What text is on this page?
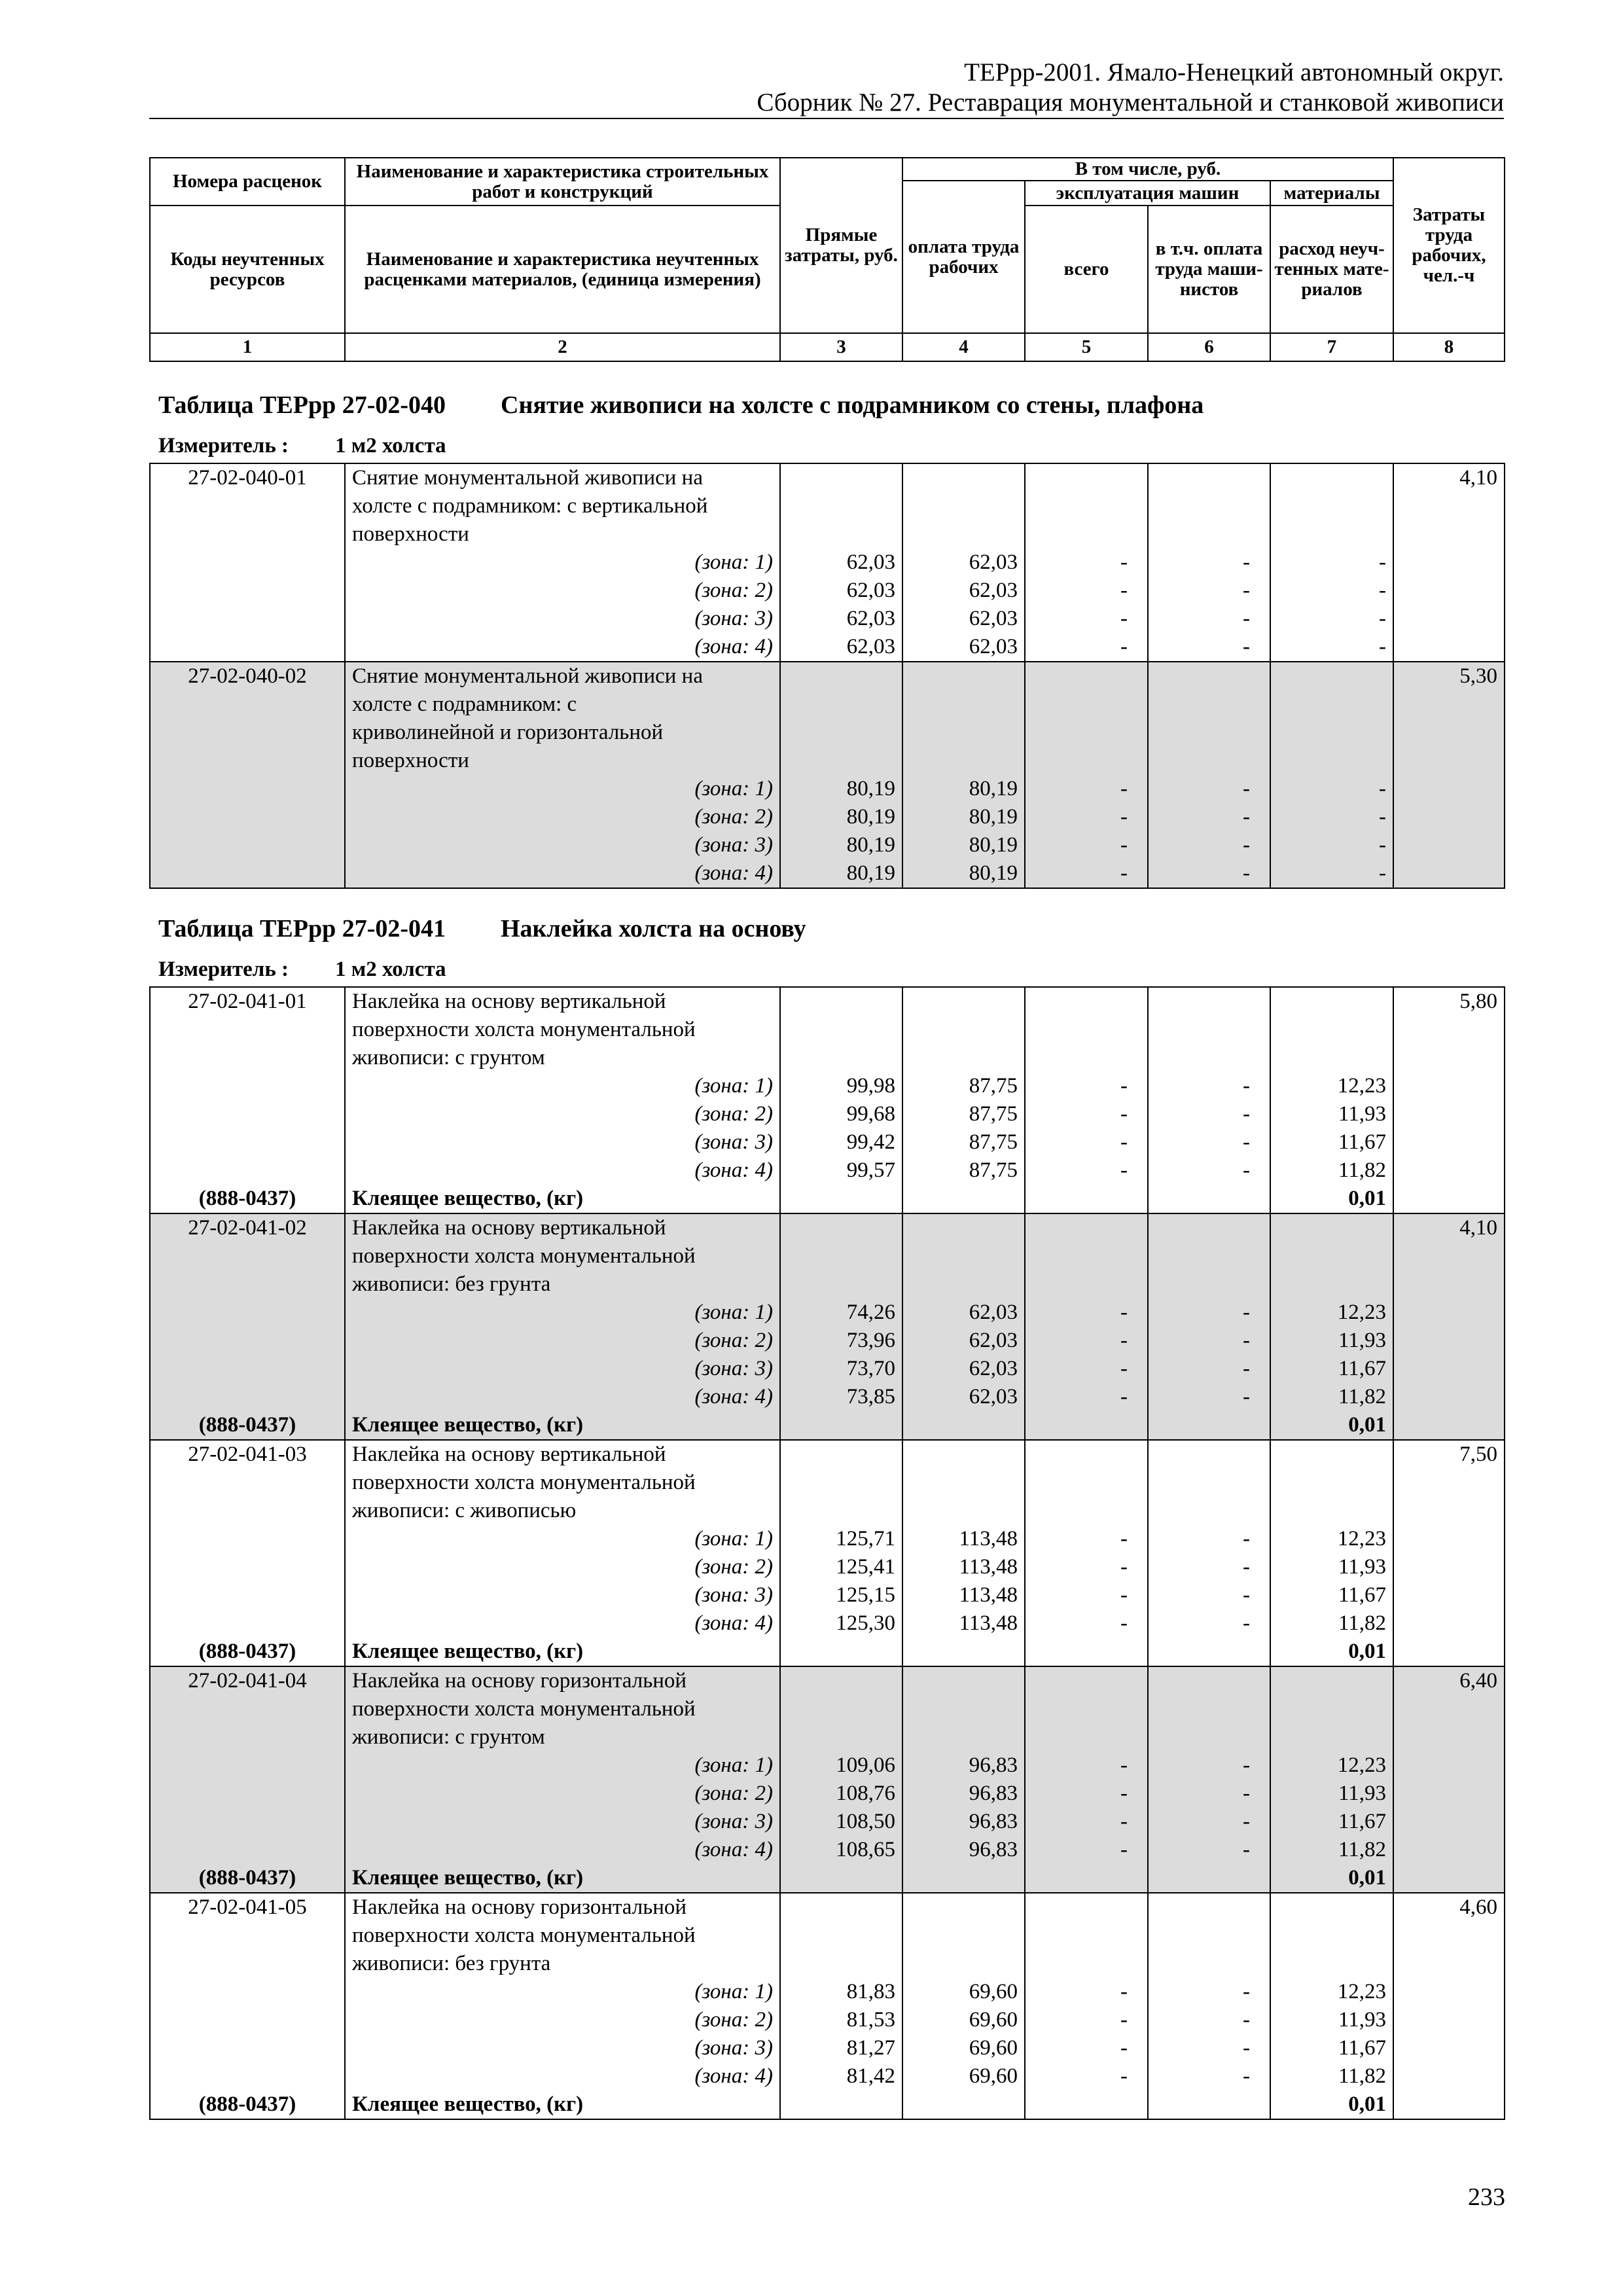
ТЕРрр-2001. Ямало-Ненецкий автономный округ.
Сборник № 27. Реставрация монументальной и станковой живописи
Номера расценок	Наименование и характеристика строительных работ и конструкций	Прямые затраты, руб.	В том числе, руб.				Затраты труда рабочих, чел.-ч
			оплата труда рабочих	эксплуатация машин		материалы	
Коды неучтенных ресурсов	Наименование и характеристика неучтенных расценками материалов, (единица измерения)			всего	в т.ч. оплата труда маши-нистов	расход неуч-тенных мате-риалов	
1	2	3	4	5	6	7	8
Таблица ТЕРрр 27-02-040 Снятие живописи на холсте с подрамником со стены, плафона
Измеритель : 1 м2 холста
27-02-040-01	Снятие монументальной живописи на						4,10
	холсте с подрамником: с вертикальной						
	поверхности						
	(зона: 1)	62,03	62,03	-	-	-	
	(зона: 2)	62,03	62,03	-	-	-	
	(зона: 3)	62,03	62,03	-	-	-	
	(зона: 4)	62,03	62,03	-	-	-	
27-02-040-02	Снятие монументальной живописи на						5,30
	холсте с подрамником: с						
	криволинейной и горизонтальной						
	поверхности						
	(зона: 1)	80,19	80,19	-	-	-	
	(зона: 2)	80,19	80,19	-	-	-	
	(зона: 3)	80,19	80,19	-	-	-	
	(зона: 4)	80,19	80,19	-	-	-	
Таблица ТЕРрр 27-02-041 Наклейка холста на основу
Измеритель : 1 м2 холста
27-02-041-01	Наклейка на основу вертикальной						5,80
	поверхности холста монументальной						
	живописи: с грунтом						
	(зона: 1)	99,98	87,75	-	-	12,23	
	(зона: 2)	99,68	87,75	-	-	11,93	
	(зона: 3)	99,42	87,75	-	-	11,67	
	(зона: 4)	99,57	87,75	-	-	11,82	
(888-0437)	Клеящее вещество, (кг)					0,01	
27-02-041-02	Наклейка на основу вертикальной						4,10
	поверхности холста монументальной						
	живописи: без грунта						
	(зона: 1)	74,26	62,03	-	-	12,23	
	(зона: 2)	73,96	62,03	-	-	11,93	
	(зона: 3)	73,70	62,03	-	-	11,67	
	(зона: 4)	73,85	62,03	-	-	11,82	
(888-0437)	Клеящее вещество, (кг)					0,01	
27-02-041-03	Наклейка на основу вертикальной						7,50
	поверхности холста монументальной						
	живописи: с живописью						
	(зона: 1)	125,71	113,48	-	-	12,23	
	(зона: 2)	125,41	113,48	-	-	11,93	
	(зона: 3)	125,15	113,48	-	-	11,67	
	(зона: 4)	125,30	113,48	-	-	11,82	
(888-0437)	Клеящее вещество, (кг)					0,01	
27-02-041-04	Наклейка на основу горизонтальной						6,40
	поверхности холста монументальной						
	живописи: с грунтом						
	(зона: 1)	109,06	96,83	-	-	12,23	
	(зона: 2)	108,76	96,83	-	-	11,93	
	(зона: 3)	108,50	96,83	-	-	11,67	
	(зона: 4)	108,65	96,83	-	-	11,82	
(888-0437)	Клеящее вещество, (кг)					0,01	
27-02-041-05	Наклейка на основу горизонтальной						4,60
	поверхности холста монументальной						
	живописи: без грунта						
	(зона: 1)	81,83	69,60	-	-	12,23	
	(зона: 2)	81,53	69,60	-	-	11,93	
	(зона: 3)	81,27	69,60	-	-	11,67	
	(зона: 4)	81,42	69,60	-	-	11,82	
(888-0437)	Клеящее вещество, (кг)					0,01	
233
